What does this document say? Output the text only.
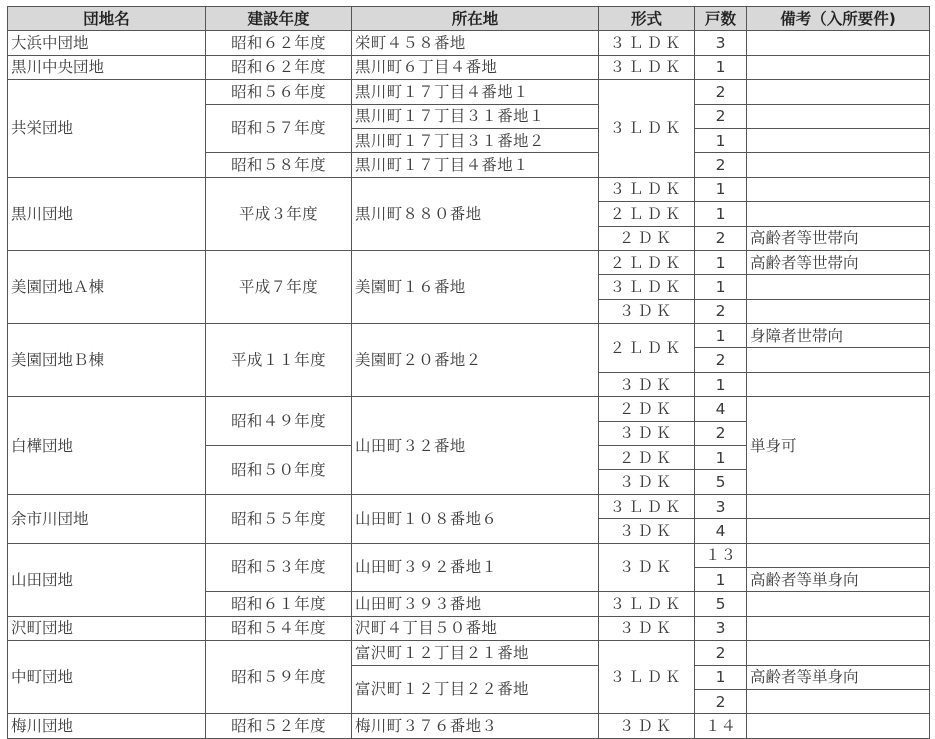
団地名	建設年度	所在地	形式	戸数	備考（入所要件)
大浜中団地	昭和６２年度	栄町４５８番地	３ＬＤＫ	3	
黒川中央団地	昭和６２年度	黒川町６丁目４番地	３ＬＤＫ	1	
共栄団地	昭和５６年度	黒川町１７丁目４番地１	３ＬＤＫ	2	
	昭和５７年度	黒川町１７丁目３１番地１		2	
		黒川町１７丁目３１番地２		1	
	昭和５８年度	黒川町１７丁目４番地１		2	
黒川団地	平成３年度	黒川町８８０番地	３ＬＤＫ	1	
			２ＬＤＫ	1	
			２ＤＫ	2	高齢者等世帯向
美園団地Ａ棟	平成７年度	美園町１６番地	２ＬＤＫ	1	高齢者等世帯向
			３ＬＤＫ	1	
			３ＤＫ	2	
美園団地Ｂ棟	平成１１年度	美園町２０番地２	２ＬＤＫ	1	身障者世帯向
				2	
			３ＤＫ	1	
白樺団地	昭和４９年度	山田町３２番地	２ＤＫ	4	単身可
			３ＤＫ	2	
	昭和５０年度		２ＤＫ	1	
			３ＤＫ	5	
余市川団地	昭和５５年度	山田町１０８番地６	３ＬＤＫ	3	
			３ＤＫ	4	
山田団地	昭和５３年度	山田町３９２番地１	３ＤＫ	１３	
				1	高齢者等単身向
	昭和６１年度	山田町３９３番地	３ＬＤＫ	5	
沢町団地	昭和５４年度	沢町４丁目５０番地	３ＤＫ	3	
中町団地	昭和５９年度	富沢町１２丁目２１番地	３ＬＤＫ	2	
		富沢町１２丁目２２番地		1	高齢者等単身向
				2	
梅川団地	昭和５２年度	梅川町３７６番地３	３ＤＫ	１４	
